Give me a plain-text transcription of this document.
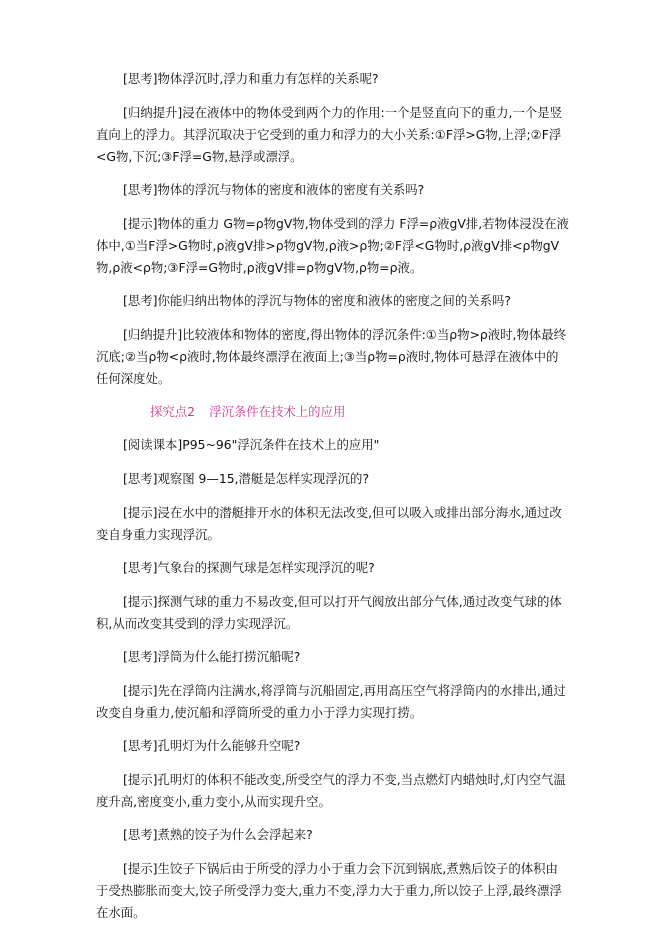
[思考]物体浮沉时,浮力和重力有怎样的关系呢?

[归纳提升]浸在液体中的物体受到两个力的作用:一个是竖直向下的重力,一个是竖直向上的浮力。其浮沉取决于它受到的重力和浮力的大小关系:①F浮>G物,上浮;②F浮<G物,下沉;③F浮=G物,悬浮或漂浮。

[思考]物体的浮沉与物体的密度和液体的密度有关系吗?

[提示]物体的重力 G物=ρ物gV物,物体受到的浮力 F浮=ρ液gV排,若物体浸没在液体中,①当F浮>G物时,ρ液gV排>ρ物gV物,ρ液>ρ物;②F浮<G物时,ρ液gV排<ρ物gV物,ρ液<ρ物;③F浮=G物时,ρ液gV排=ρ物gV物,ρ物=ρ液。

[思考]你能归纳出物体的浮沉与物体的密度和液体的密度之间的关系吗?

[归纳提升]比较液体和物体的密度,得出物体的浮沉条件:①当ρ物>ρ液时,物体最终沉底;②当ρ物<ρ液时,物体最终漂浮在液面上;③当ρ物=ρ液时,物体可悬浮在液体中的任何深度处。

探究点2 浮沉条件在技术上的应用

[阅读课本]P95~96"浮沉条件在技术上的应用"

[思考]观察图 9—15,潜艇是怎样实现浮沉的?

[提示]浸在水中的潜艇排开水的体积无法改变,但可以吸入或排出部分海水,通过改变自身重力实现浮沉。

[思考]气象台的探测气球是怎样实现浮沉的呢?

[提示]探测气球的重力不易改变,但可以打开气阀放出部分气体,通过改变气球的体积,从而改变其受到的浮力实现浮沉。

[思考]浮筒为什么能打捞沉船呢?

[提示]先在浮筒内注满水,将浮筒与沉船固定,再用高压空气将浮筒内的水排出,通过改变自身重力,使沉船和浮筒所受的重力小于浮力实现打捞。

[思考]孔明灯为什么能够升空呢?

[提示]孔明灯的体积不能改变,所受空气的浮力不变,当点燃灯内蜡烛时,灯内空气温度升高,密度变小,重力变小,从而实现升空。

[思考]煮熟的饺子为什么会浮起来?

[提示]生饺子下锅后由于所受的浮力小于重力会下沉到锅底,煮熟后饺子的体积由于受热膨胀而变大,饺子所受浮力变大,重力不变,浮力大于重力,所以饺子上浮,最终漂浮在水面。
